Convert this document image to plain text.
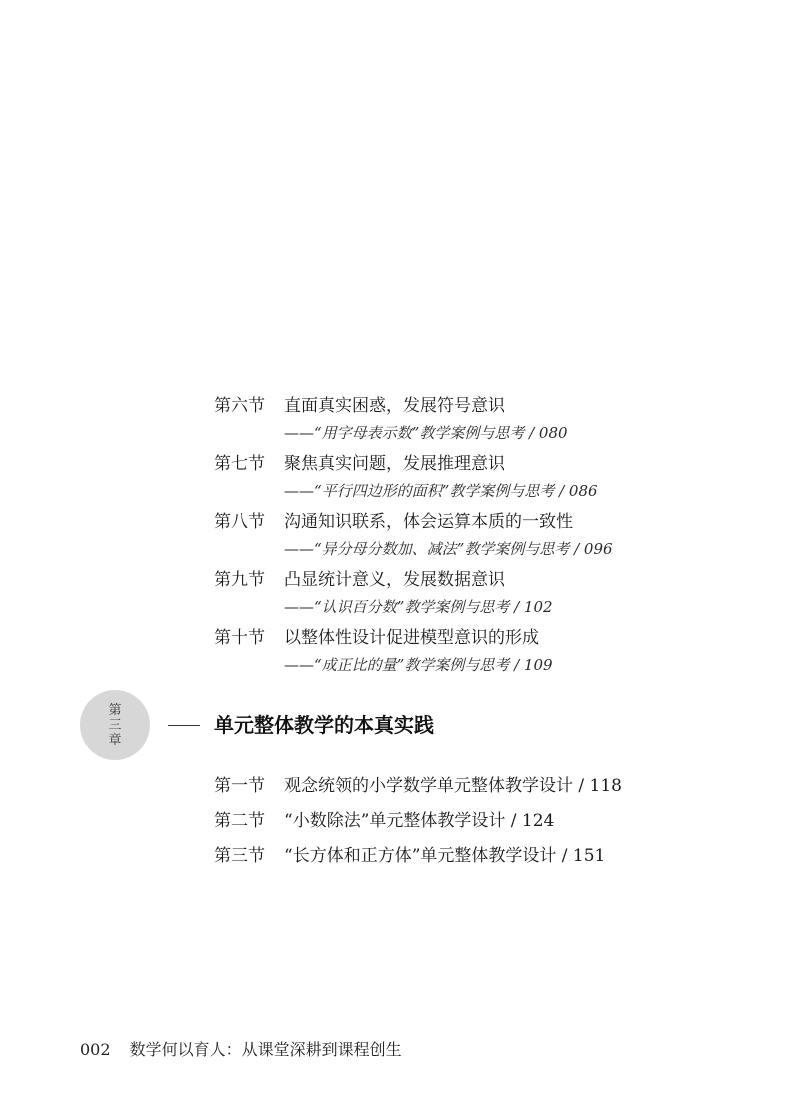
第六节	直面真实困惑，发展符号意识
——“用字母表示数”教学案例与思考 / 080
第七节	聚焦真实问题，发展推理意识
——“平行四边形的面积”教学案例与思考 / 086
第八节	沟通知识联系，体会运算本质的一致性
——“异分母分数加、减法”教学案例与思考 / 096
第九节	凸显统计意义，发展数据意识
——“认识百分数”教学案例与思考 / 102
第十节	以整体性设计促进模型意识的形成
——“成正比的量”教学案例与思考 / 109
第
三
章
单元整体教学的本真实践
第一节	观念统领的小学数学单元整体教学设计 / 118
第二节	“小数除法”单元整体教学设计 / 124
第三节	“长方体和正方体”单元整体教学设计 / 151
002 数学何以育人：从课堂深耕到课程创生
